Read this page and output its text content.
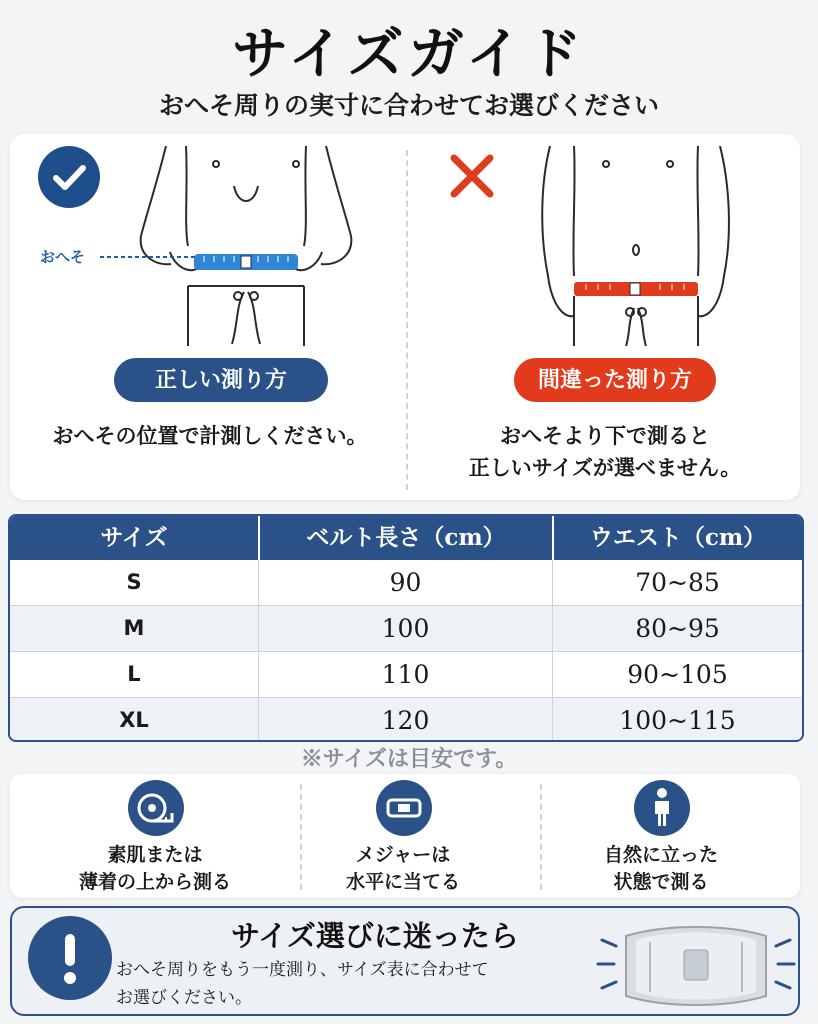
サイズガイド
おへそ周りの実寸に合わせてお選びください
おへそ
正しい測り方	間違った測り方
おへその位置で計測しください。	おへそより下で測ると
正しいサイズが選べません。
サイズ	ベルト長さ（cm）	ウエスト（cm）
S	90	70~85
M	100	80~95
L	110	90~105
XL	120	100~115
※サイズは目安です。
素肌または
薄着の上から測る
メジャーは
水平に当てる
自然に立った
状態で測る
サイズ選びに迷ったら
おへそ周りをもう一度測り、サイズ表に合わせて
お選びください。
